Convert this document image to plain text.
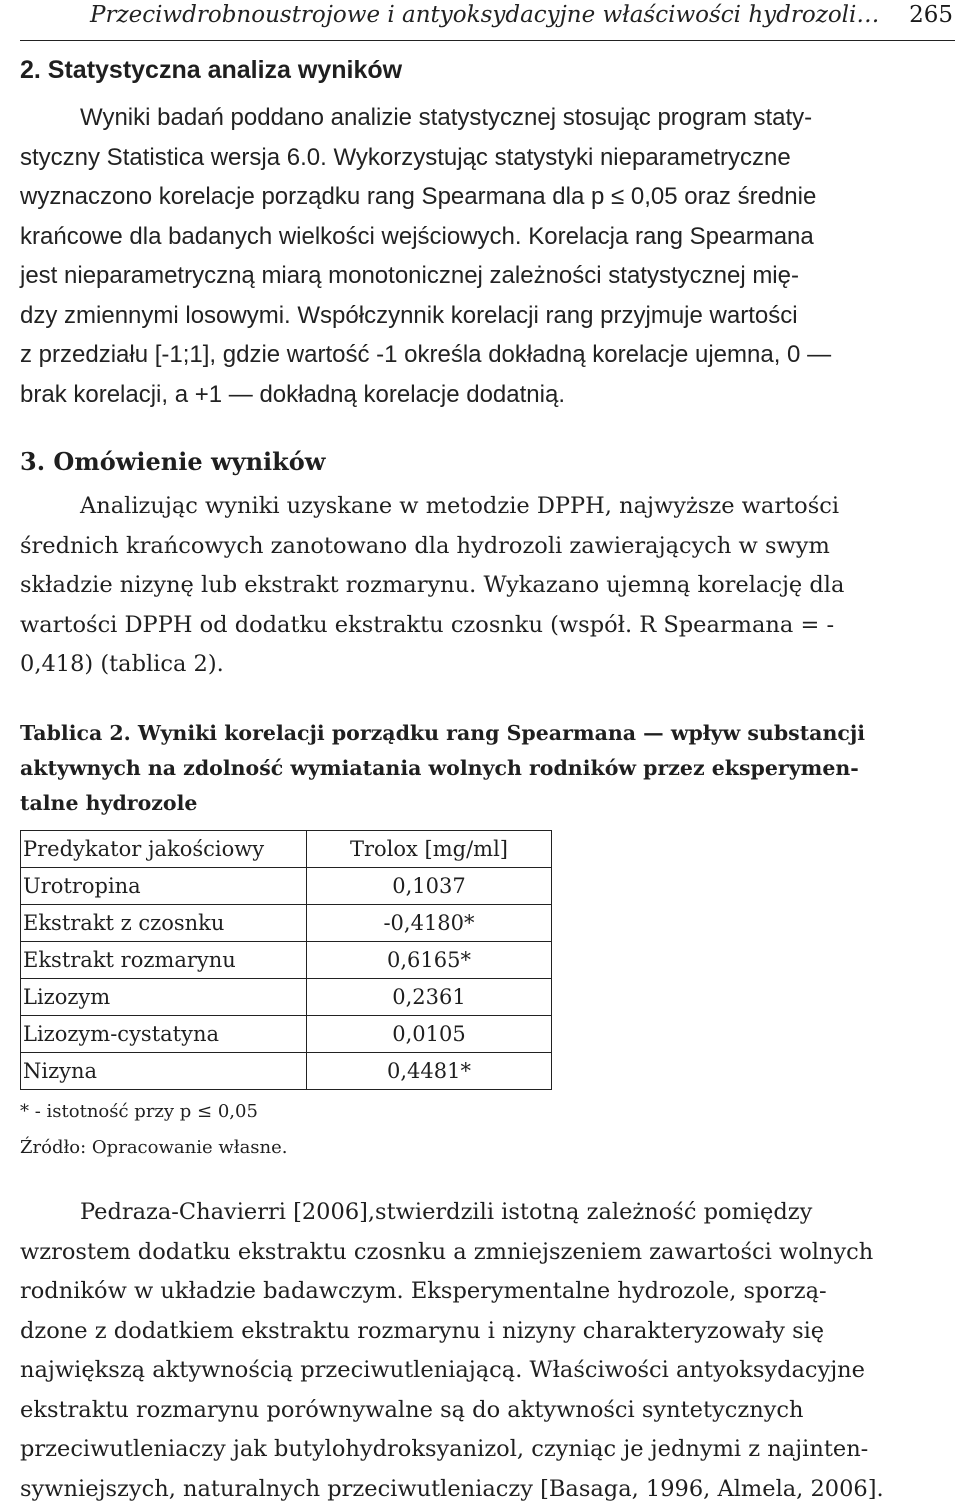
Przeciwdrobnoustrojowe i antyoksydacyjne właściwości hydrozoli… 265
2. Statystyczna analiza wyników
Wyniki badań poddano analizie statystycznej stosując program staty-
styczny Statistica wersja 6.0. Wykorzystując statystyki nieparametryczne
wyznaczono korelacje porządku rang Spearmana dla p ≤ 0,05 oraz średnie
krańcowe dla badanych wielkości wejściowych. Korelacja rang Spearmana
jest nieparametryczną miarą monotonicznej zależności statystycznej mię-
dzy zmiennymi losowymi. Współczynnik korelacji rang przyjmuje wartości
z przedziału [-1;1], gdzie wartość -1 określa dokładną korelacje ujemna, 0 —
brak korelacji, a +1 — dokładną korelacje dodatnią.
3. Omówienie wyników
Analizując wyniki uzyskane w metodzie DPPH, najwyższe wartości
średnich krańcowych zanotowano dla hydrozoli zawierających w swym
składzie nizynę lub ekstrakt rozmarynu. Wykazano ujemną korelację dla
wartości DPPH od dodatku ekstraktu czosnku (współ. R Spearmana = -
0,418) (tablica 2).
Tablica 2. Wyniki korelacji porządku rang Spearmana — wpływ substancji
aktywnych na zdolność wymiatania wolnych rodników przez eksperymen-
talne hydrozole
Predykator jakościowy	Trolox [mg/ml]
Urotropina	0,1037
Ekstrakt z czosnku	-0,4180*
Ekstrakt rozmarynu	0,6165*
Lizozym	0,2361
Lizozym-cystatyna	0,0105
Nizyna	0,4481*
* - istotność przy p ≤ 0,05
Źródło: Opracowanie własne.
Pedraza-Chavierri [2006],stwierdzili istotną zależność pomiędzy
wzrostem dodatku ekstraktu czosnku a zmniejszeniem zawartości wolnych
rodników w układzie badawczym. Eksperymentalne hydrozole, sporzą-
dzone z dodatkiem ekstraktu rozmarynu i nizyny charakteryzowały się
największą aktywnością przeciwutleniającą. Właściwości antyoksydacyjne
ekstraktu rozmarynu porównywalne są do aktywności syntetycznych
przeciwutleniaczy jak butylohydroksyanizol, czyniąc je jednymi z najinten-
sywniejszych, naturalnych przeciwutleniaczy [Basaga, 1996, Almela, 2006].
